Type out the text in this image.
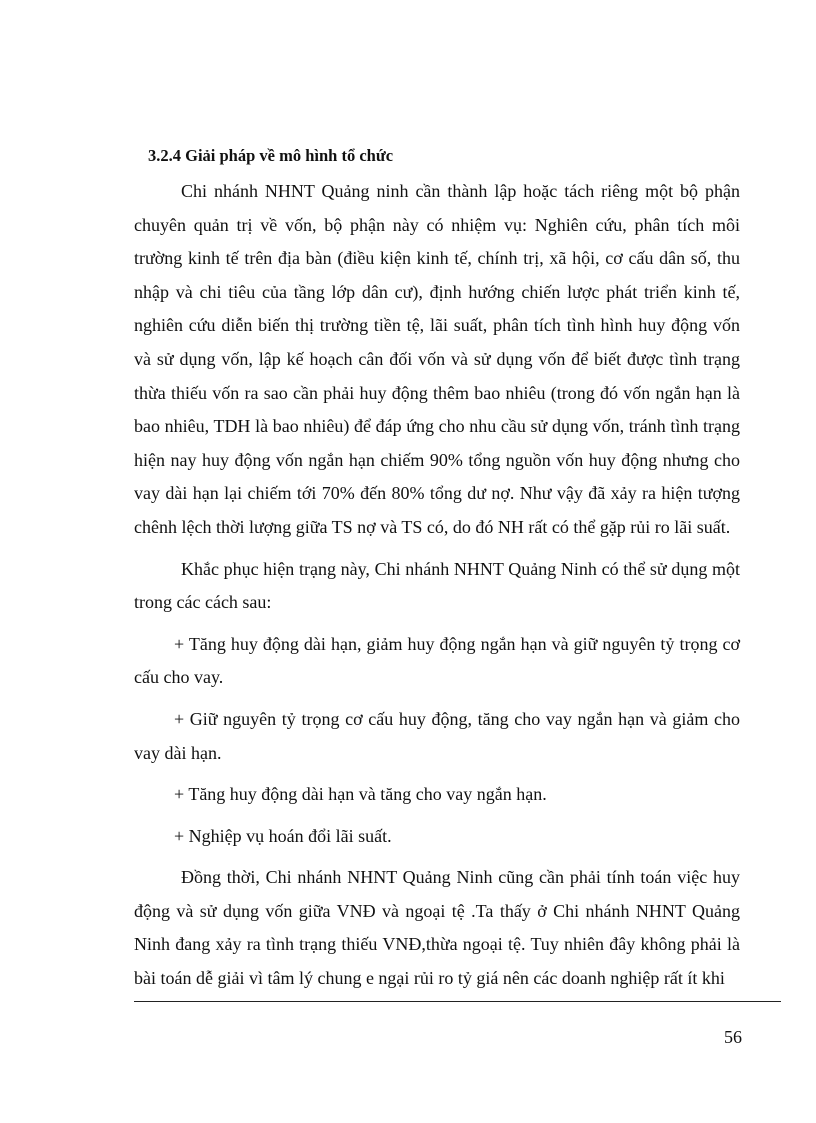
3.2.4 Giải pháp về mô hình tổ chức

Chi nhánh NHNT Quảng ninh cần thành lập hoặc tách riêng một bộ phận chuyên quản trị về vốn, bộ phận này có nhiệm vụ: Nghiên cứu, phân tích môi trường kinh tế trên địa bàn (điều kiện kinh tế, chính trị, xã hội, cơ cấu dân số, thu nhập và chi tiêu của tầng lớp dân cư), định hướng chiến lược phát triển kinh tế, nghiên cứu diễn biến thị trường tiền tệ, lãi suất, phân tích tình hình huy động vốn và sử dụng vốn, lập kế hoạch cân đối vốn và sử dụng vốn để biết được tình trạng thừa thiếu vốn ra sao cần phải huy động thêm bao nhiêu (trong đó vốn ngắn hạn là bao nhiêu, TDH là bao nhiêu) để đáp ứng cho nhu cầu sử dụng vốn, tránh tình trạng hiện nay huy động vốn ngắn hạn chiếm 90% tổng nguồn vốn huy động nhưng cho vay dài hạn lại chiếm tới 70% đến 80% tổng dư nợ. Như vậy đã xảy ra hiện tượng chênh lệch thời lượng giữa TS nợ và TS có, do đó NH rất có thể gặp rủi ro lãi suất.

Khắc phục hiện trạng này, Chi nhánh NHNT Quảng Ninh có thể sử dụng một trong các cách sau:

+ Tăng huy động dài hạn, giảm huy động ngắn hạn và giữ nguyên tỷ trọng cơ cấu cho vay.

+ Giữ nguyên tỷ trọng cơ cấu huy động, tăng cho vay ngắn hạn và giảm cho vay dài hạn.

+ Tăng huy động dài hạn và tăng cho vay ngắn hạn.

+ Nghiệp vụ hoán đổi lãi suất.

Đồng thời, Chi nhánh NHNT Quảng Ninh cũng cần phải tính toán việc huy động và sử dụng vốn giữa VNĐ và ngoại tệ .Ta thấy ở Chi nhánh NHNT Quảng Ninh đang xảy ra tình trạng thiếu VNĐ,thừa ngoại tệ. Tuy nhiên đây không phải là bài toán dễ giải vì tâm lý chung e ngại rủi ro tỷ giá nên các doanh nghiệp rất ít khi

56
